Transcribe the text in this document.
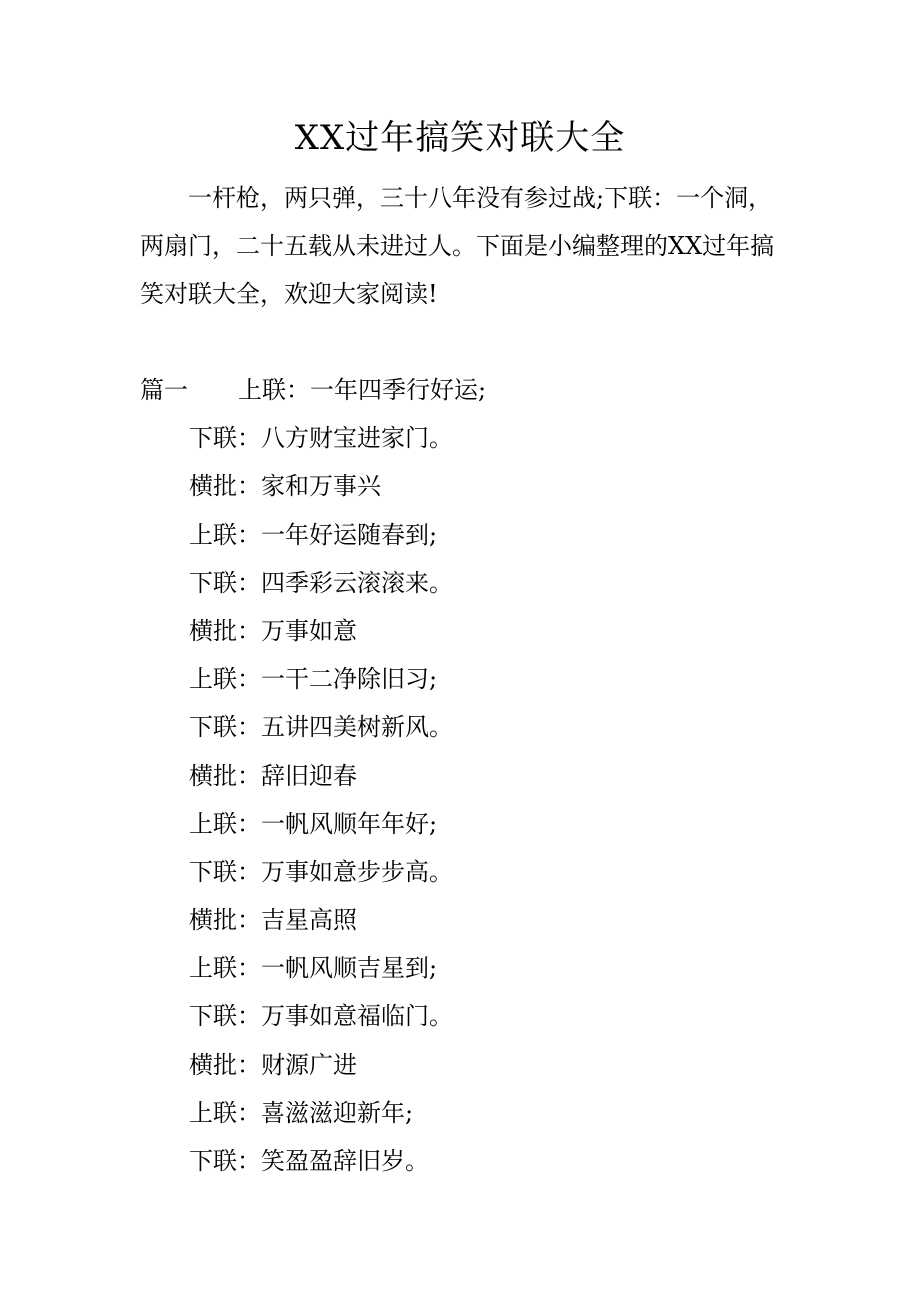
XX过年搞笑对联大全

一杆枪，两只弹，三十八年没有参过战;下联：一个洞，两扇门，二十五载从未进过人。下面是小编整理的XX过年搞笑对联大全，欢迎大家阅读!

篇一 上联：一年四季行好运;
下联：八方财宝进家门。
横批：家和万事兴
上联：一年好运随春到;
下联：四季彩云滚滚来。
横批：万事如意
上联：一干二净除旧习;
下联：五讲四美树新风。
横批：辞旧迎春
上联：一帆风顺年年好;
下联：万事如意步步高。
横批：吉星高照
上联：一帆风顺吉星到;
下联：万事如意福临门。
横批：财源广进
上联：喜滋滋迎新年;
下联：笑盈盈辞旧岁。
